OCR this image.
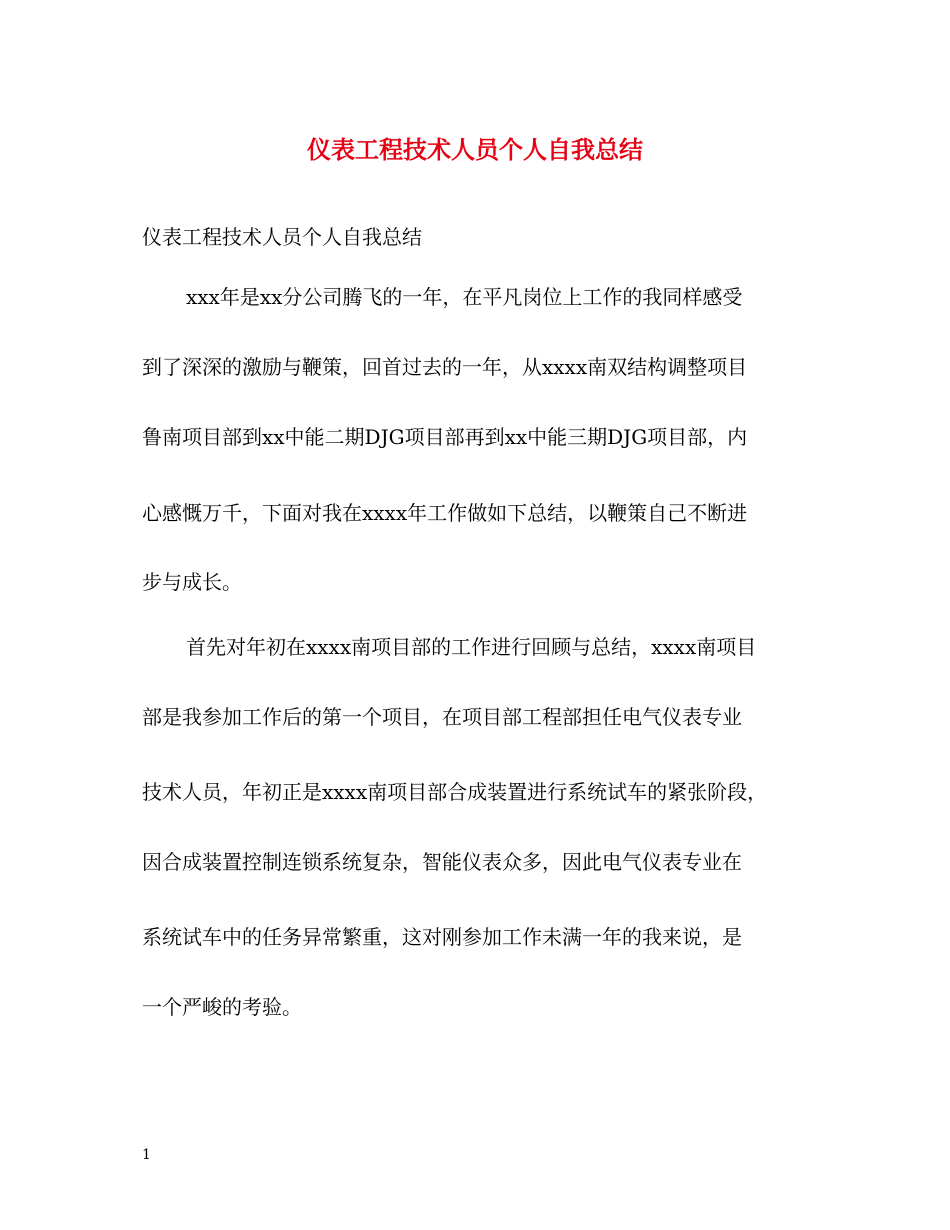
仪表工程技术人员个人自我总结
仪表工程技术人员个人自我总结
xxx年是xx分公司腾飞的一年，在平凡岗位上工作的我同样感受
到了深深的激励与鞭策，回首过去的一年，从xxxx南双结构调整项目
鲁南项目部到xx中能二期DJG项目部再到xx中能三期DJG项目部，内
心感慨万千，下面对我在xxxx年工作做如下总结，以鞭策自己不断进
步与成长。
首先对年初在xxxx南项目部的工作进行回顾与总结，xxxx南项目
部是我参加工作后的第一个项目，在项目部工程部担任电气仪表专业
技术人员，年初正是xxxx南项目部合成装置进行系统试车的紧张阶段，
因合成装置控制连锁系统复杂，智能仪表众多，因此电气仪表专业在
系统试车中的任务异常繁重，这对刚参加工作未满一年的我来说，是
一个严峻的考验。
1
